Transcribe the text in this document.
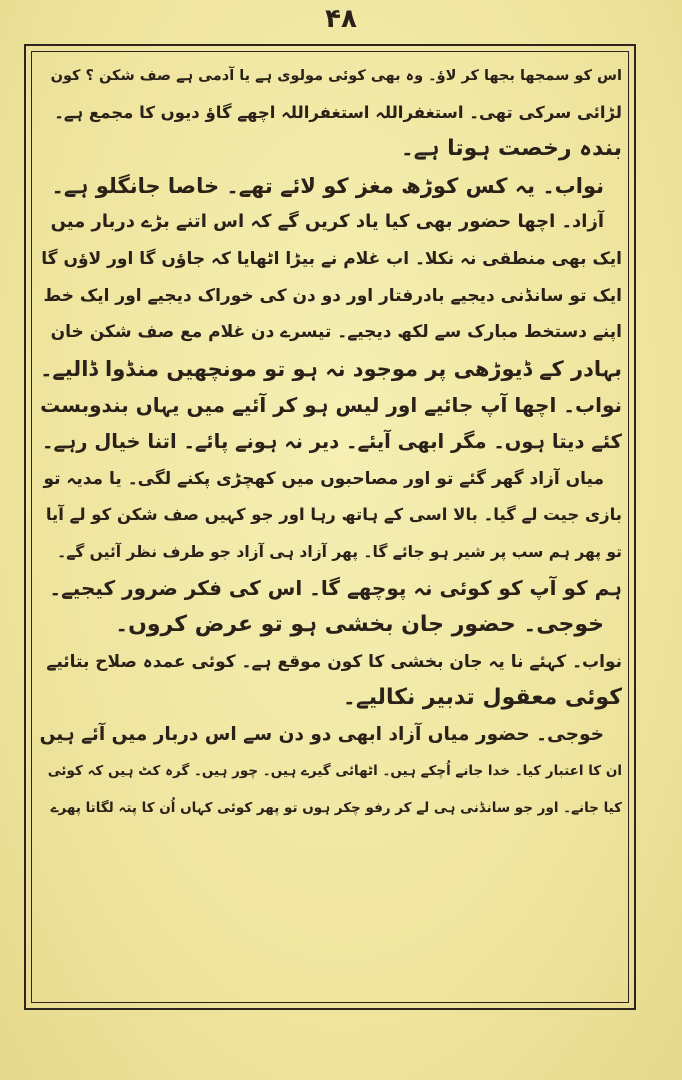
۴۸
اس کو سمجھا بجھا کر لاؤ۔ وہ بھی کوئی مولوی ہے یا آدمی ہے صف شکن ؟ کون
لڑائی سرکی تھی۔ استغفراللہ استغفراللہ اچھے گاؤ دیوں کا مجمع ہے۔
بندہ رخصت ہوتا ہے۔
نواب۔ یہ کس کوڑھ مغز کو لائے تھے۔ خاصا جانگلو ہے۔
آزاد۔ اچھا حضور بھی کیا یاد کریں گے کہ اس اتنے بڑے دربار میں
ایک بھی منطقی نہ نکلا۔ اب غلام نے بیڑا اٹھایا کہ جاؤں گا اور لاؤں گا
ایک تو سانڈنی دیجیے بادرفتار اور دو دن کی خوراک دیجیے اور ایک خط
اپنے دستخط مبارک سے لکھ دیجیے۔ تیسرے دن غلام مع صف شکن خان
بہادر کے ڈیوڑھی پر موجود نہ ہو تو مونچھیں منڈوا ڈالیے۔
نواب۔ اچھا آپ جائیے اور لیس ہو کر آئیے میں یہاں بندوبست
کئے دیتا ہوں۔ مگر ابھی آیئے۔ دیر نہ ہونے پائے۔ اتنا خیال رہے۔
میاں آزاد گھر گئے تو اور مصاحبوں میں کھچڑی پکنے لگی۔ یا مدیہ تو
بازی جیت لے گیا۔ بالا اسی کے ہاتھ رہا اور جو کہیں صف شکن کو لے آیا
تو پھر ہم سب پر شیر ہو جائے گا۔ پھر آزاد ہی آزاد جو طرف نظر آئیں گے۔
ہم کو آپ کو کوئی نہ پوچھے گا۔ اس کی فکر ضرور کیجیے۔
خوجی۔ حضور جان بخشی ہو تو عرض کروں۔
نواب۔ کہئے نا یہ جان بخشی کا کون موقع ہے۔ کوئی عمدہ صلاح بتائیے
کوئی معقول تدبیر نکالیے۔
خوجی۔ حضور میاں آزاد ابھی دو دن سے اس دربار میں آئے ہیں
ان کا اعتبار کیا۔ خدا جانے اُچکے ہیں۔ اٹھائی گیرے ہیں۔ چور ہیں۔ گرہ کٹ ہیں کہ کوئی
کیا جانے۔ اور جو سانڈنی ہی لے کر رفو چکر ہوں تو پھر کوئی کہاں اُن کا پتہ لگاتا پھرے
